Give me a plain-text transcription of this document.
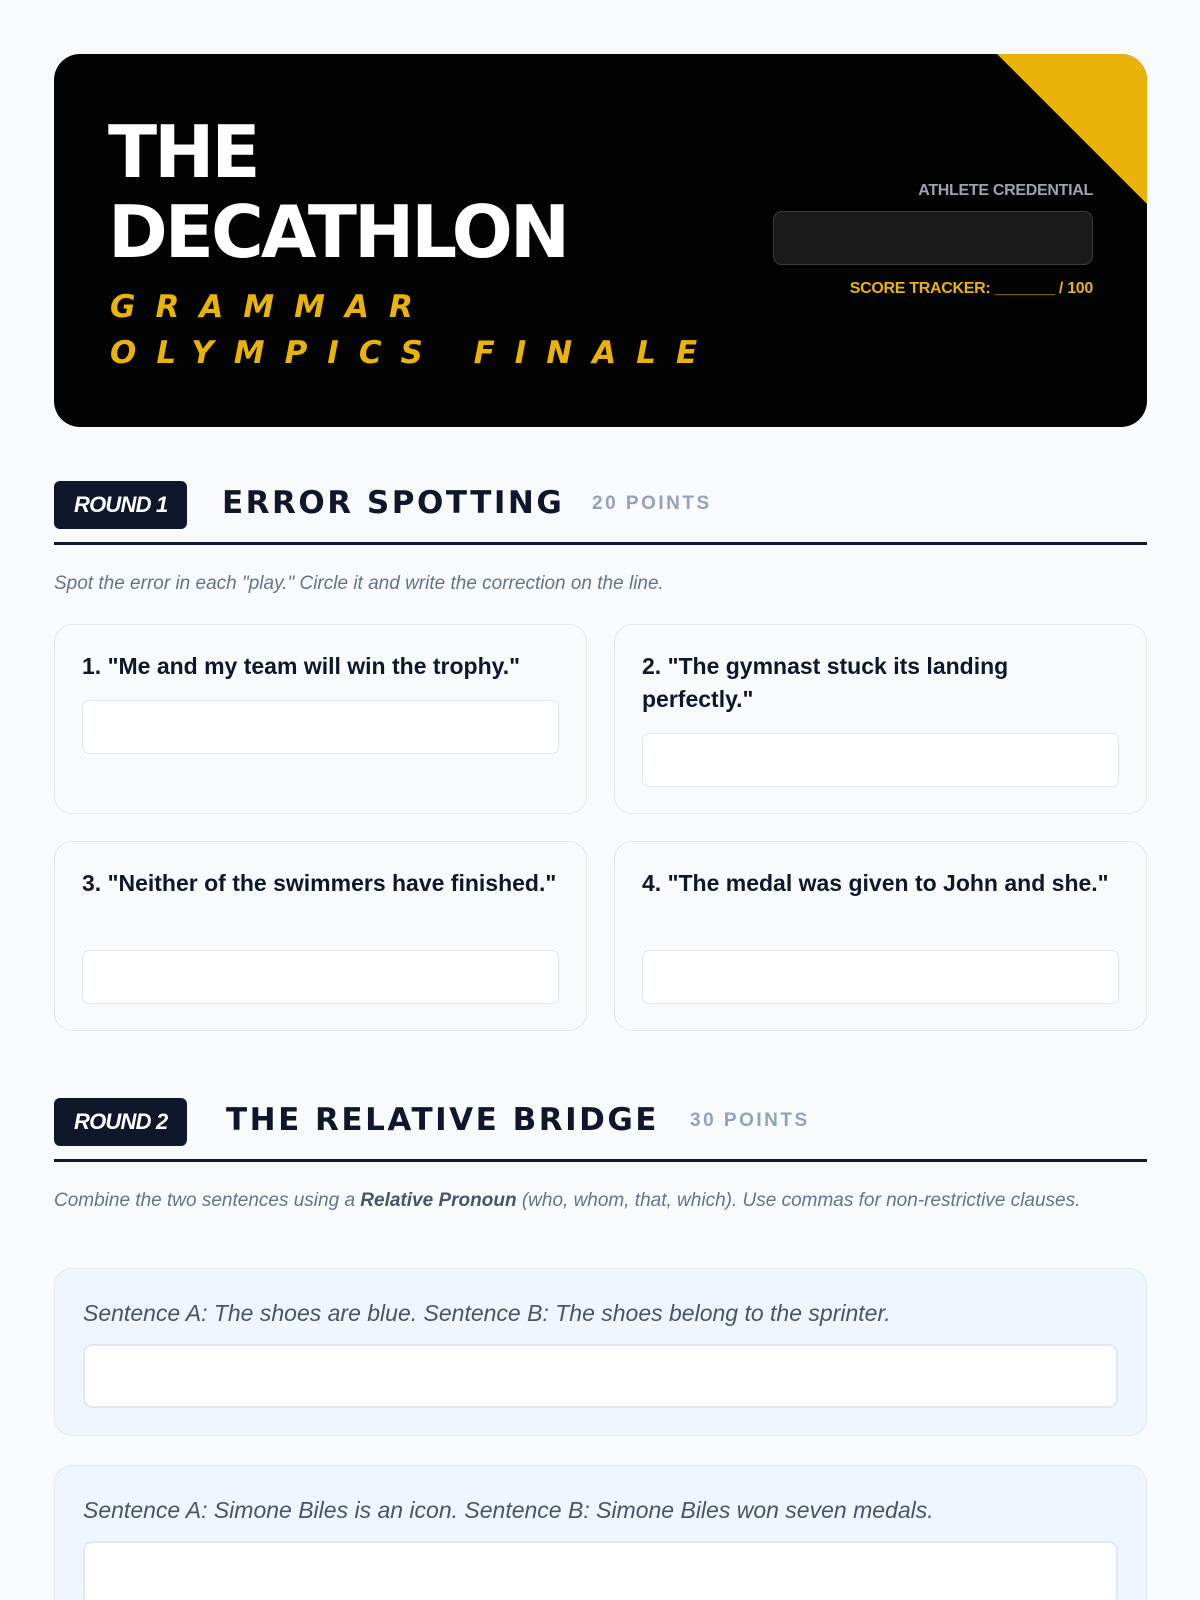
THE
DECATHLON
GRAMMAR OLYMPICS FINALE
ATHLETE CREDENTIAL
SCORE TRACKER: _______ / 100
ROUND 1	ERROR SPOTTING 20 POINTS
Spot the error in each "play." Circle it and write the correction on the line.
1. "Me and my team will win the trophy."	2. "The gymnast stuck its landing perfectly."
3. "Neither of the swimmers have finished."	4. "The medal was given to John and she."
ROUND 2	THE RELATIVE BRIDGE 30 POINTS
Combine the two sentences using a Relative Pronoun (who, whom, that, which). Use commas for non-restrictive clauses.
Sentence A: The shoes are blue. Sentence B: The shoes belong to the sprinter.
Sentence A: Simone Biles is an icon. Sentence B: Simone Biles won seven medals.
